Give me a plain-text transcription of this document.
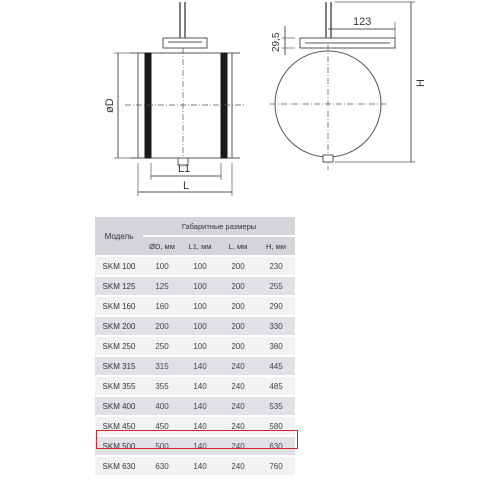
123
29,5
H
øD
L1
L
Модель	Габаритные размеры			
	ØD, мм	L1, мм	L, мм	H, мм
SKM 100	100	100	200	230
SKM 125	125	100	200	255
SKM 160	160	100	200	290
SKM 200	200	100	200	330
SKM 250	250	100	200	380
SKM 315	315	140	240	445
SKM 355	355	140	240	485
SKM 400	400	140	240	535
SKM 450	450	140	240	580
SKM 500	500	140	240	630
SKM 630	630	140	240	760
